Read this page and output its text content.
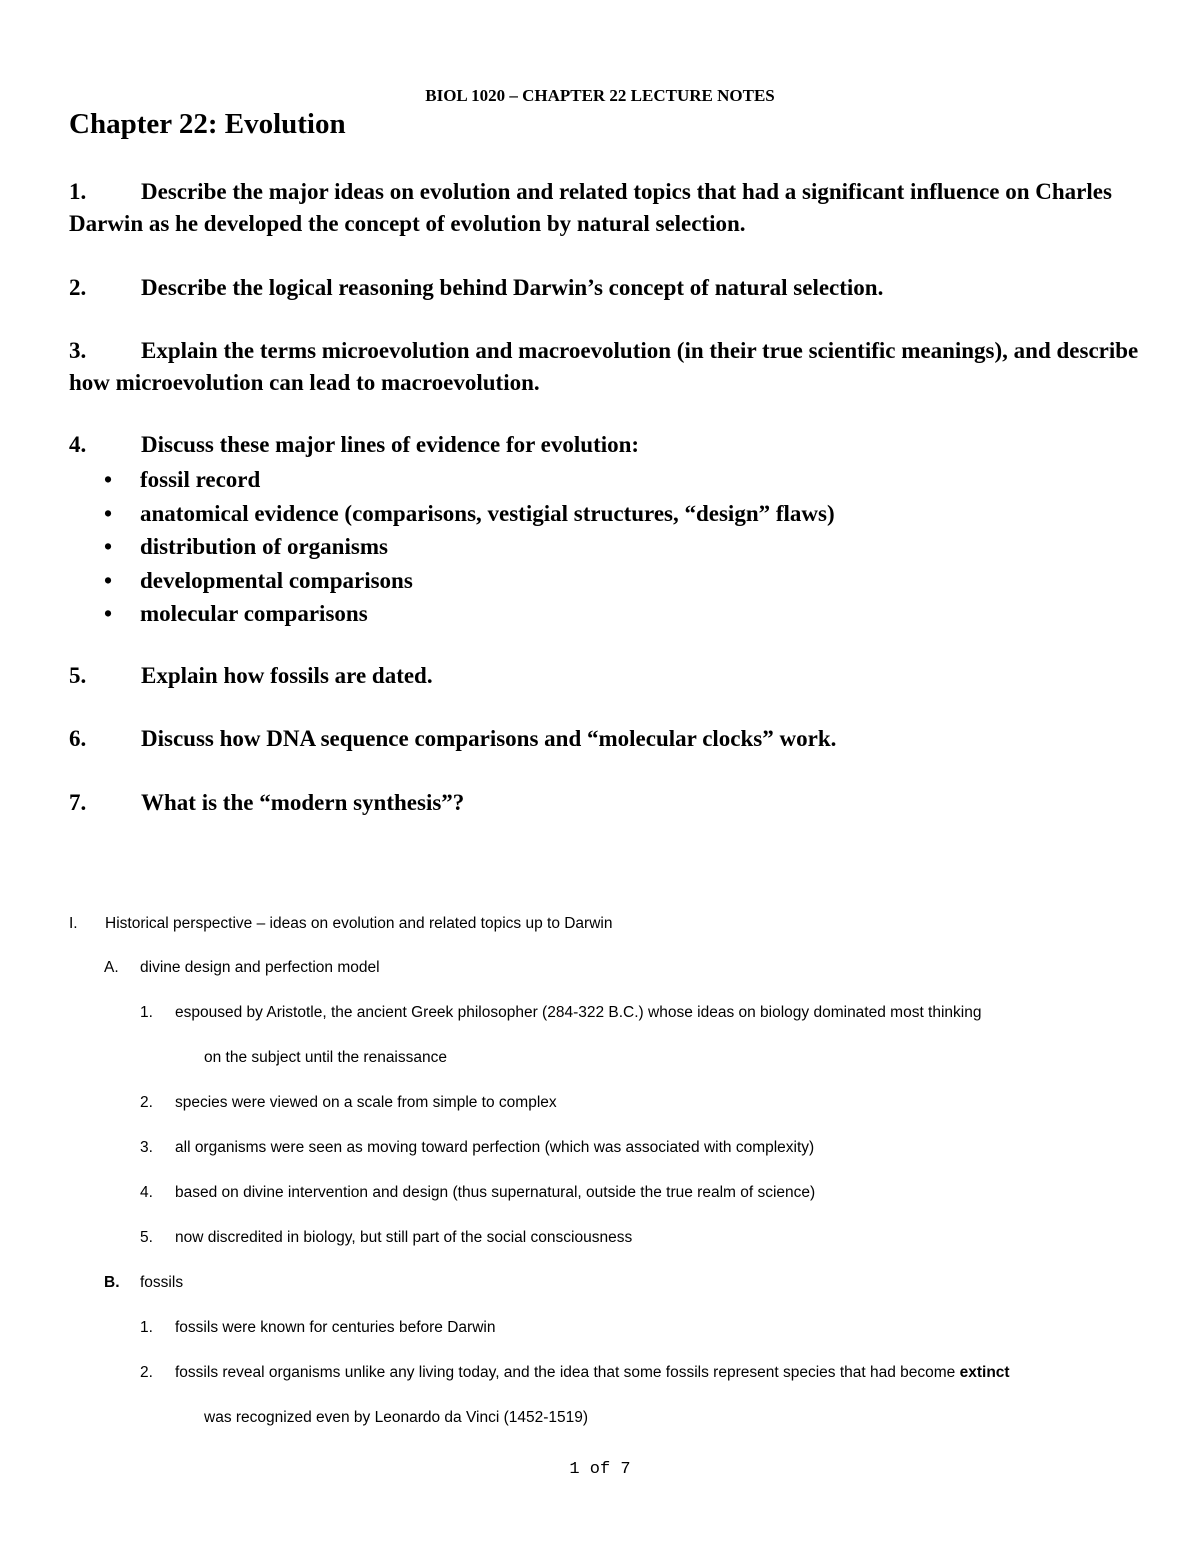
BIOL 1020 – CHAPTER 22 LECTURE NOTES
Chapter 22: Evolution
1. Describe the major ideas on evolution and related topics that had a significant influence on Charles Darwin as he developed the concept of evolution by natural selection.
2. Describe the logical reasoning behind Darwin’s concept of natural selection.
3. Explain the terms microevolution and macroevolution (in their true scientific meanings), and describe how microevolution can lead to macroevolution.
4. Discuss these major lines of evidence for evolution:
• fossil record
• anatomical evidence (comparisons, vestigial structures, “design” flaws)
• distribution of organisms
• developmental comparisons
• molecular comparisons
5. Explain how fossils are dated.
6. Discuss how DNA sequence comparisons and “molecular clocks” work.
7. What is the “modern synthesis”?
I. Historical perspective – ideas on evolution and related topics up to Darwin
A. divine design and perfection model
1. espoused by Aristotle, the ancient Greek philosopher (284-322 B.C.) whose ideas on biology dominated most thinking
on the subject until the renaissance
2. species were viewed on a scale from simple to complex
3. all organisms were seen as moving toward perfection (which was associated with complexity)
4. based on divine intervention and design (thus supernatural, outside the true realm of science)
5. now discredited in biology, but still part of the social consciousness
B. fossils
1. fossils were known for centuries before Darwin
2. fossils reveal organisms unlike any living today, and the idea that some fossils represent species that had become extinct
was recognized even by Leonardo da Vinci (1452-1519)
1 of 7
